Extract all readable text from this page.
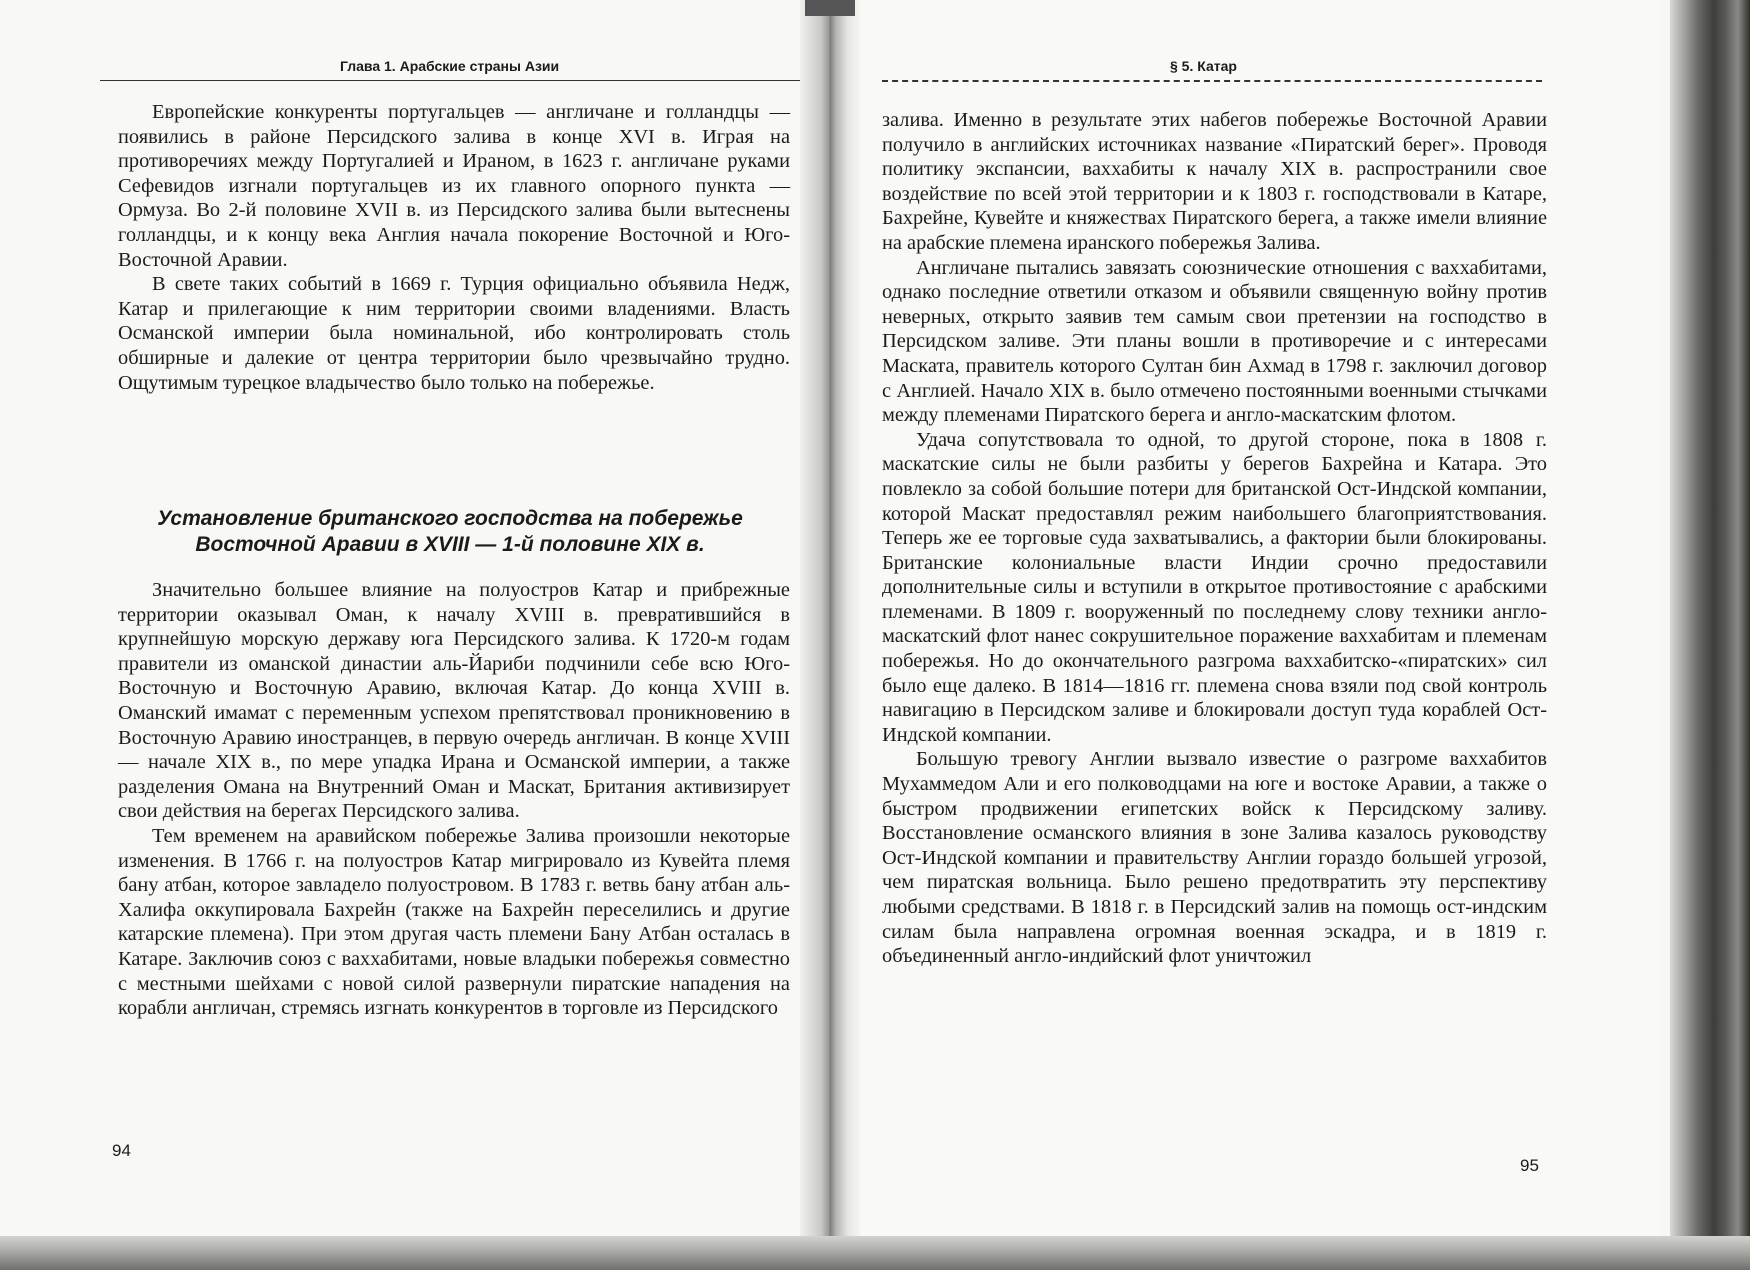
Глава 1. Арабские страны Азии

Европейские конкуренты португальцев — англичане и голландцы — появились в районе Персидского залива в конце XVI в. Играя на противоречиях между Португалией и Ираном, в 1623 г. англичане руками Сефевидов изгнали португальцев из их главного опорного пункта — Ормуза. Во 2-й половине XVII в. из Персидского залива были вытеснены голландцы, и к концу века Англия начала покорение Восточной и Юго-Восточной Аравии.

В свете таких событий в 1669 г. Турция официально объявила Недж, Катар и прилегающие к ним территории своими владениями. Власть Османской империи была номинальной, ибо контролировать столь обширные и далекие от центра территории было чрезвычайно трудно. Ощутимым турецкое владычество было только на побережье.

Установление британского господства на побережье
Восточной Аравии в XVIII — 1-й половине XIX в.

Значительно большее влияние на полуостров Катар и прибрежные территории оказывал Оман, к началу XVIII в. превратившийся в крупнейшую морскую державу юга Персидского залива. К 1720-м годам правители из оманской династии аль-Йариби подчинили себе всю Юго-Восточную и Восточную Аравию, включая Катар. До конца XVIII в. Оманский имамат с переменным успехом препятствовал проникновению в Восточную Аравию иностранцев, в первую очередь англичан. В конце XVIII — начале XIX в., по мере упадка Ирана и Османской империи, а также разделения Омана на Внутренний Оман и Маскат, Британия активизирует свои действия на берегах Персидского залива.

Тем временем на аравийском побережье Залива произошли некоторые изменения. В 1766 г. на полуостров Катар мигрировало из Кувейта племя бану атбан, которое завладело полуостровом. В 1783 г. ветвь бану атбан аль-Халифа оккупировала Бахрейн (также на Бахрейн переселились и другие катарские племена). При этом другая часть племени Бану Атбан осталась в Катаре. Заключив союз с ваххабитами, новые владыки побережья совместно с местными шейхами с новой силой развернули пиратские нападения на корабли англичан, стремясь изгнать конкурентов в торговле из Персидского

94
§ 5. Катар

залива. Именно в результате этих набегов побережье Восточной Аравии получило в английских источниках название «Пиратский берег». Проводя политику экспансии, ваххабиты к началу XIX в. распространили свое воздействие по всей этой территории и к 1803 г. господствовали в Катаре, Бахрейне, Кувейте и княжествах Пиратского берега, а также имели влияние на арабские племена иранского побережья Залива.

Англичане пытались завязать союзнические отношения с ваххабитами, однако последние ответили отказом и объявили священную войну против неверных, открыто заявив тем самым свои претензии на господство в Персидском заливе. Эти планы вошли в противоречие и с интересами Маската, правитель которого Султан бин Ахмад в 1798 г. заключил договор с Англией. Начало XIX в. было отмечено постоянными военными стычками между племенами Пиратского берега и англо-маскатским флотом.

Удача сопутствовала то одной, то другой стороне, пока в 1808 г. маскатские силы не были разбиты у берегов Бахрейна и Катара. Это повлекло за собой большие потери для британской Ост-Индской компании, которой Маскат предоставлял режим наибольшего благоприятствования. Теперь же ее торговые суда захватывались, а фактории были блокированы. Британские колониальные власти Индии срочно предоставили дополнительные силы и вступили в открытое противостояние с арабскими племенами. В 1809 г. вооруженный по последнему слову техники англо-маскатский флот нанес сокрушительное поражение ваххабитам и племенам побережья. Но до окончательного разгрома ваххабитско-«пиратских» сил было еще далеко. В 1814—1816 гг. племена снова взяли под свой контроль навигацию в Персидском заливе и блокировали доступ туда кораблей Ост-Индской компании.

Большую тревогу Англии вызвало известие о разгроме ваххабитов Мухаммедом Али и его полководцами на юге и востоке Аравии, а также о быстром продвижении египетских войск к Персидскому заливу. Восстановление османского влияния в зоне Залива казалось руководству Ост-Индской компании и правительству Англии гораздо большей угрозой, чем пиратская вольница. Было решено предотвратить эту перспективу любыми средствами. В 1818 г. в Персидский залив на помощь ост-индским силам была направлена огромная военная эскадра, и в 1819 г. объединенный англо-индийский флот уничтожил

95
